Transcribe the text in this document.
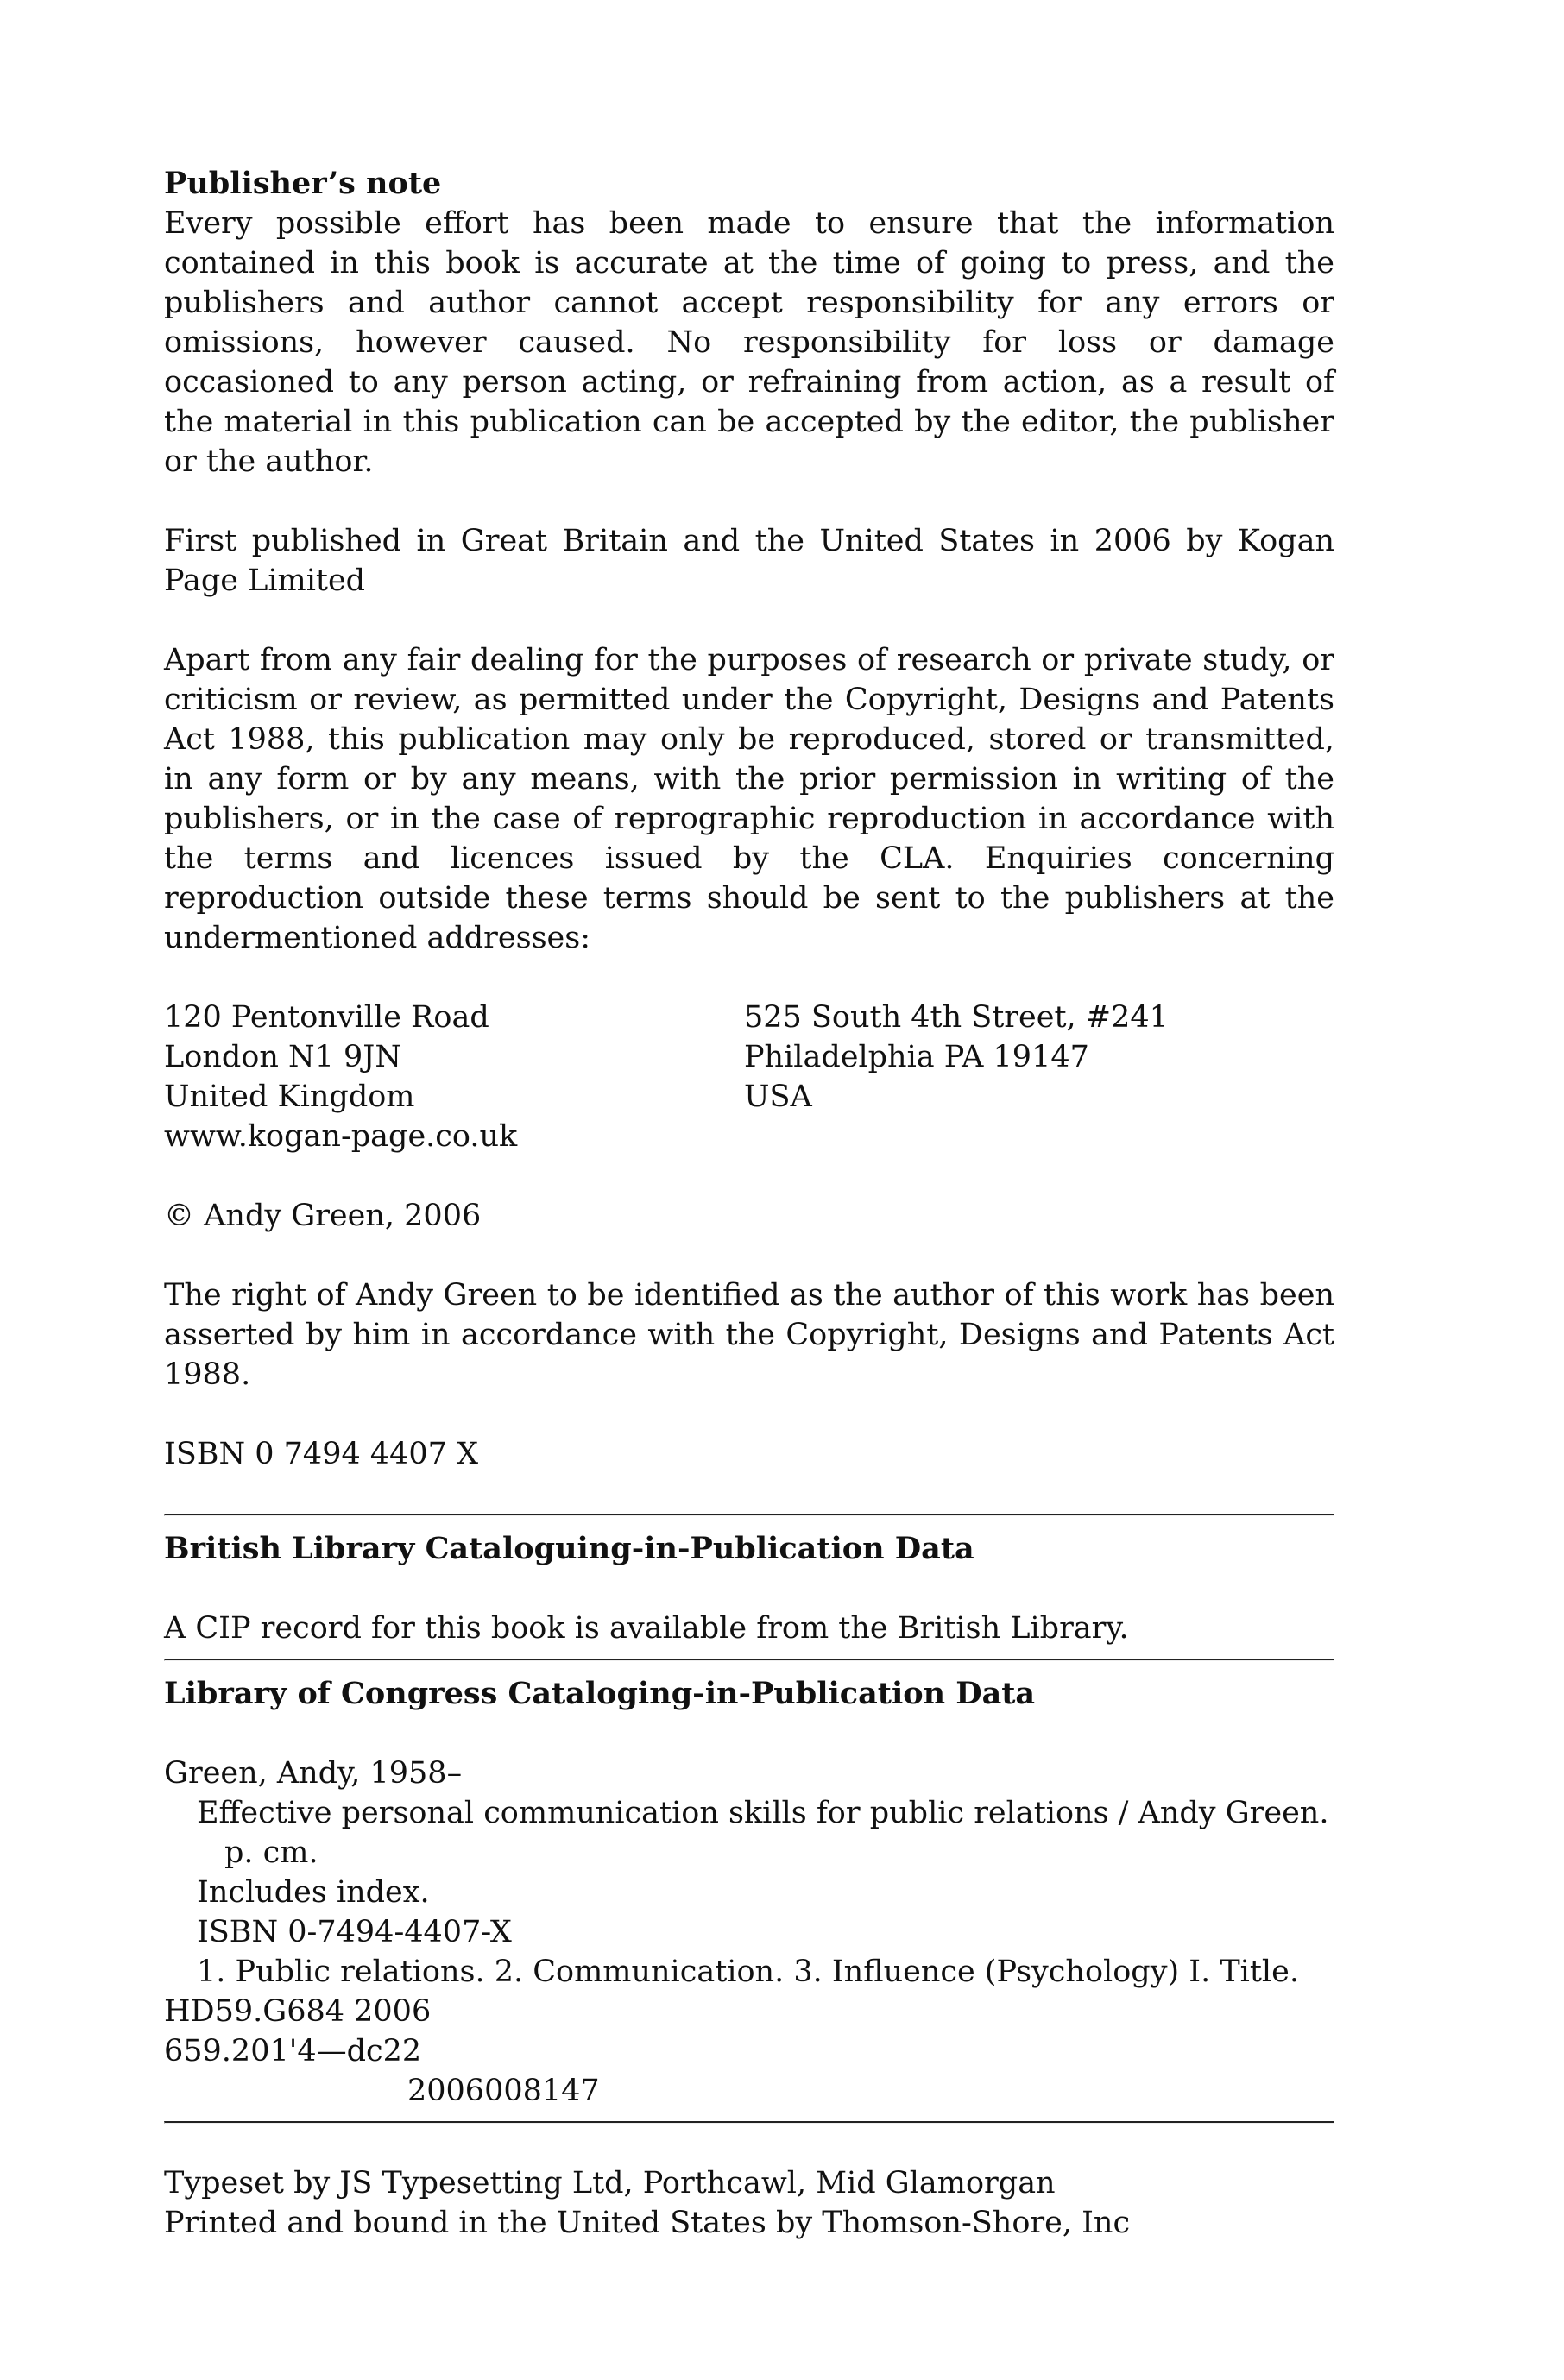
Publisher’s note

Every possible effort has been made to ensure that the information contained in this book is accurate at the time of going to press, and the publishers and author cannot accept responsibility for any errors or omissions, however caused. No responsibility for loss or damage occasioned to any person acting, or refraining from action, as a result of the material in this publication can be accepted by the editor, the publisher or the author.

First published in Great Britain and the United States in 2006 by Kogan Page Limited

Apart from any fair dealing for the purposes of research or private study, or criticism or review, as permitted under the Copyright, Designs and Patents Act 1988, this publication may only be reproduced, stored or transmitted, in any form or by any means, with the prior permission in writing of the publishers, or in the case of reprographic reproduction in accordance with the terms and licences issued by the CLA. Enquiries concerning reproduction outside these terms should be sent to the publishers at the undermentioned addresses:

120 Pentonville Road

London N1 9JN

United Kingdom

www.kogan-page.co.uk

525 South 4th Street, #241

Philadelphia PA 19147

USA

© Andy Green, 2006

The right of Andy Green to be identified as the author of this work has been asserted by him in accordance with the Copyright, Designs and Patents Act 1988.

ISBN 0 7494 4407 X

British Library Cataloguing-in-Publication Data

A CIP record for this book is available from the British Library.

Library of Congress Cataloging-in-Publication Data

Green, Andy, 1958–

Effective personal communication skills for public relations / Andy Green.

p. cm.

Includes index.

ISBN 0-7494-4407-X

1. Public relations. 2. Communication. 3. Influence (Psychology) I. Title.

HD59.G684 2006

659.201'4—dc22

2006008147

Typeset by JS Typesetting Ltd, Porthcawl, Mid Glamorgan

Printed and bound in the United States by Thomson-Shore, Inc
